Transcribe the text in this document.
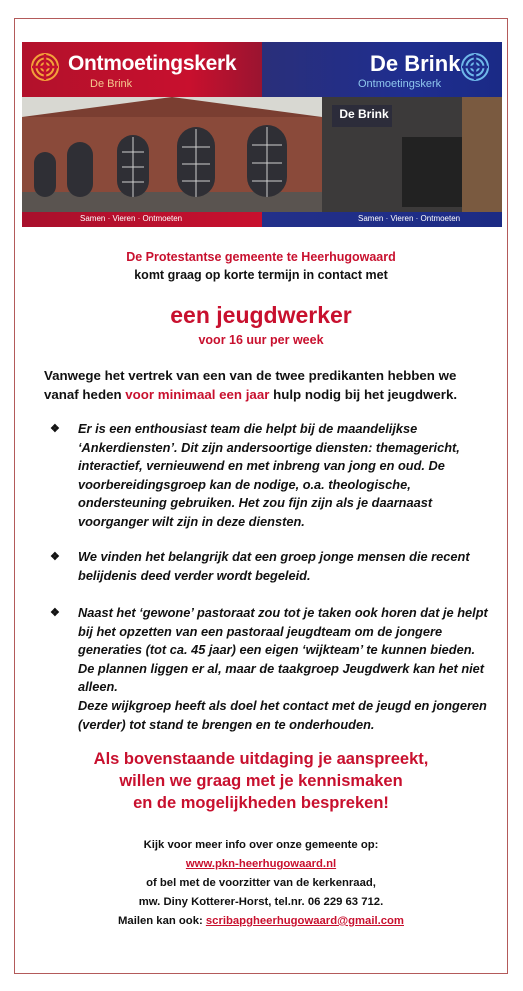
Ontmoetingskerk
De Brink
De Brink
Ontmoetingskerk
De Brink
Samen · Vieren · Ontmoeten	Samen · Vieren · Ontmoeten
De Protestantse gemeente te Heerhugowaard
komt graag op korte termijn in contact met
een jeugdwerker
voor 16 uur per week
Vanwege het vertrek van een van de twee predikanten hebben we vanaf heden voor minimaal een jaar hulp nodig bij het jeugdwerk.
❖ Er is een enthousiast team die helpt bij de maandelijkse ‘Ankerdiensten’. Dit zijn andersoortige diensten: themagericht, interactief, vernieuwend en met inbreng van jong en oud. De voorbereidingsgroep kan de nodige, o.a. theologische, ondersteuning gebruiken. Het zou fijn zijn als je daarnaast voorganger wilt zijn in deze diensten.
❖ We vinden het belangrijk dat een groep jonge mensen die recent belijdenis deed verder wordt begeleid.
❖ Naast het ‘gewone’ pastoraat zou tot je taken ook horen dat je helpt bij het opzetten van een pastoraal jeugdteam om de jongere generaties (tot ca. 45 jaar) een eigen ‘wijkteam’ te kunnen bieden. De plannen liggen er al, maar de taakgroep Jeugdwerk kan het niet alleen.
Deze wijkgroep heeft als doel het contact met de jeugd en jongeren (verder) tot stand te brengen en te onderhouden.
Als bovenstaande uitdaging je aanspreekt,
willen we graag met je kennismaken
en de mogelijkheden bespreken!
Kijk voor meer info over onze gemeente op:
www.pkn-heerhugowaard.nl
of bel met de voorzitter van de kerkenraad,
mw. Diny Kotterer-Horst, tel.nr. 06 229 63 712.
Mailen kan ook: scribapgheerhugowaard@gmail.com
